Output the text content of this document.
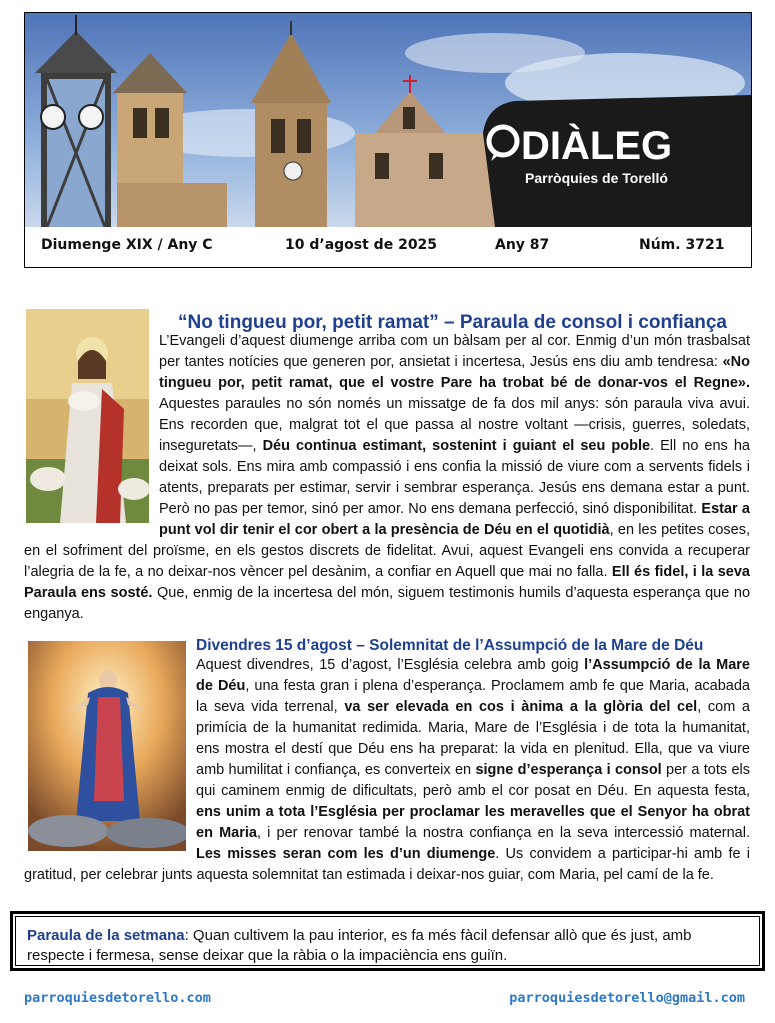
DIÀLEG
Parròquies de Torelló
Diumenge XIX / Any C	10 d’agost de 2025	Any 87	Núm. 3721
“No tingueu por, petit ramat” – Paraula de consol i confiança

L’Evangeli d’aquest diumenge arriba com un bàlsam per al cor. Enmig d’un món trasbalsat per tantes notícies que generen por, ansietat i incertesa, Jesús ens diu amb tendresa: «No tingueu por, petit ramat, que el vostre Pare ha trobat bé de donar-vos el Regne». Aquestes paraules no són només un missatge de fa dos mil anys: són paraula viva avui. Ens recorden que, malgrat tot el que passa al nostre voltant —crisis, guerres, soledats, inseguretats—, Déu continua estimant, sostenint i guiant el seu poble. Ell no ens ha deixat sols. Ens mira amb compassió i ens confia la missió de viure com a servents fidels i atents, preparats per estimar, servir i sembrar esperança. Jesús ens demana estar a punt. Però no pas per temor, sinó per amor. No ens demana perfecció, sinó disponibilitat. Estar a punt vol dir tenir el cor obert a la presència de Déu en el quotidià, en les petites coses, en el sofriment del proïsme, en els gestos discrets de fidelitat. Avui, aquest Evangeli ens convida a recuperar l’alegria de la fe, a no deixar-nos vèncer pel desànim, a confiar en Aquell que mai no falla. Ell és fidel, i la seva Paraula ens sosté. Que, enmig de la incertesa del món, siguem testimonis humils d’aquesta esperança que no enganya.

Divendres 15 d’agost – Solemnitat de l’Assumpció de la Mare de Déu

Aquest divendres, 15 d’agost, l’Església celebra amb goig l’Assumpció de la Mare de Déu, una festa gran i plena d’esperança. Proclamem amb fe que Maria, acabada la seva vida terrenal, va ser elevada en cos i ànima a la glòria del cel, com a primícia de la humanitat redimida. Maria, Mare de l’Església i de tota la humanitat, ens mostra el destí que Déu ens ha preparat: la vida en plenitud. Ella, que va viure amb humilitat i confiança, es converteix en signe d’esperança i consol per a tots els qui caminem enmig de dificultats, però amb el cor posat en Déu. En aquesta festa, ens unim a tota l’Església per proclamar les meravelles que el Senyor ha obrat en Maria, i per renovar també la nostra confiança en la seva intercessió maternal. Les misses seran com les d’un diumenge. Us convidem a participar-hi amb fe i gratitud, per celebrar junts aquesta solemnitat tan estimada i deixar-nos guiar, com Maria, pel camí de la fe.

Paraula de la setmana: Quan cultivem la pau interior, es fa més fàcil defensar allò que és just, amb respecte i fermesa, sense deixar que la ràbia o la impaciència ens guiïn.
parroquiesdetorello.com	parroquiesdetorello@gmail.com
